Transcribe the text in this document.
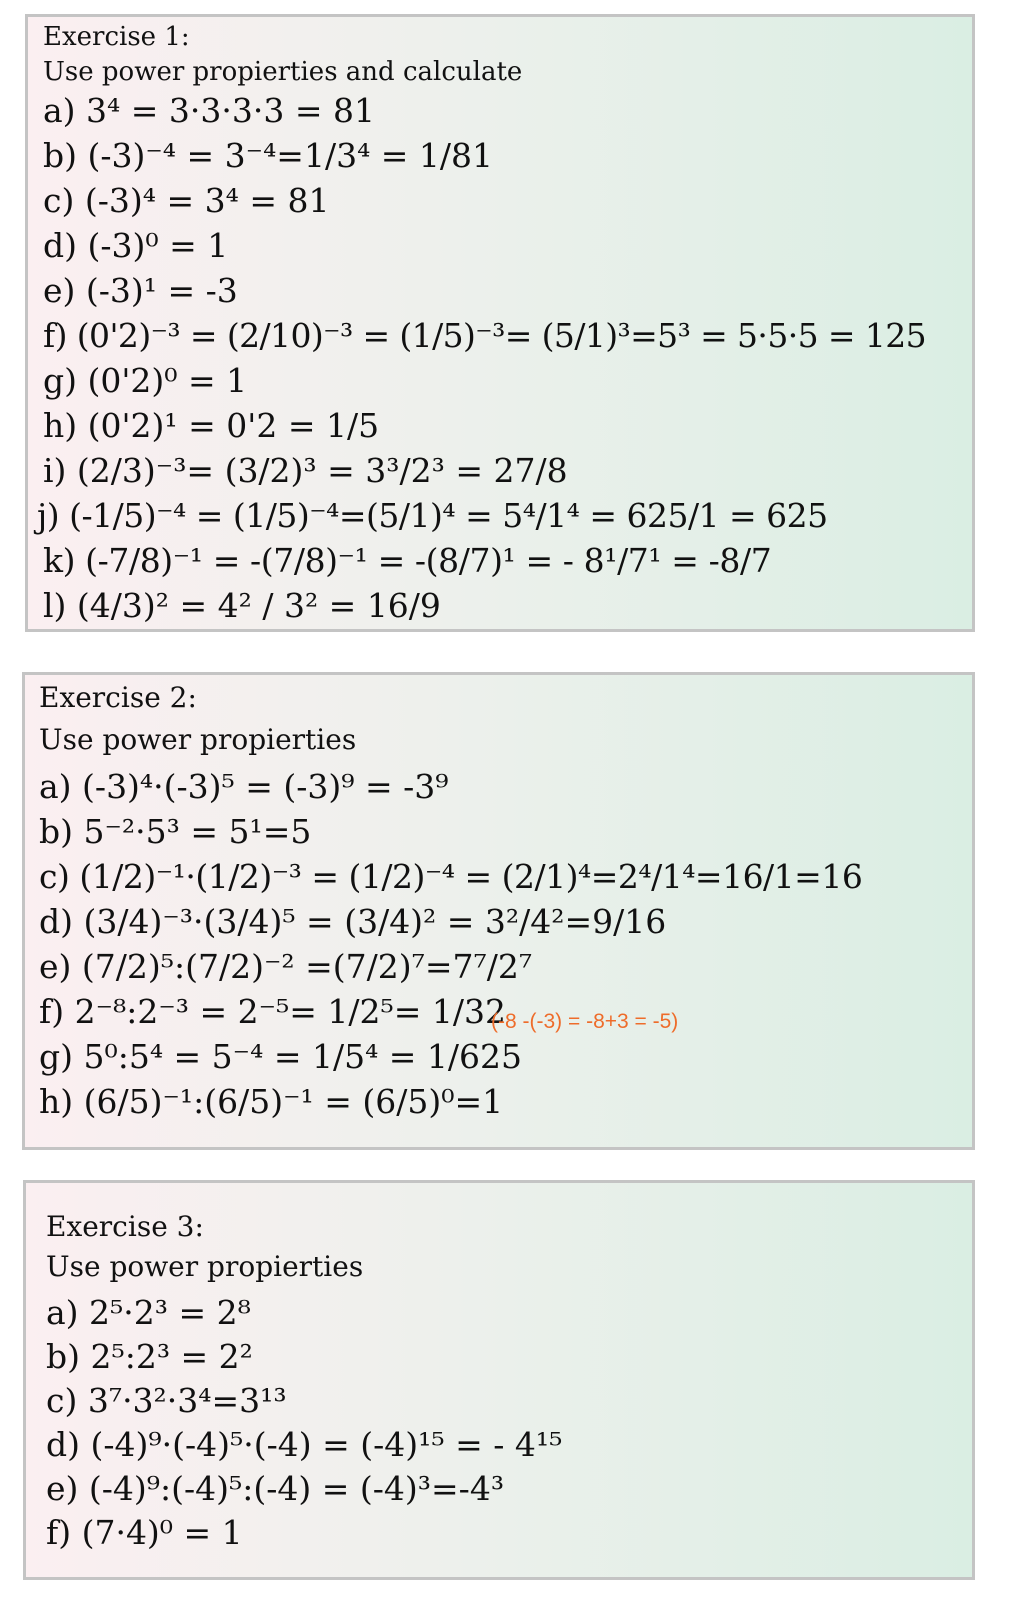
Exercise 1:
Use power propierties and calculate
a) 3⁴ = 3·3·3·3 = 81
b) (-3)⁻⁴ = 3⁻⁴=1/3⁴ = 1/81
c) (-3)⁴ = 3⁴ = 81
d) (-3)⁰ = 1
e) (-3)¹ = -3
f) (0'2)⁻³ = (2/10)⁻³ = (1/5)⁻³= (5/1)³=5³ = 5·5·5 = 125
g) (0'2)⁰ = 1
h) (0'2)¹ = 0'2 = 1/5
i) (2/3)⁻³= (3/2)³ = 3³/2³ = 27/8
j) (-1/5)⁻⁴ = (1/5)⁻⁴=(5/1)⁴ = 5⁴/1⁴ = 625/1 = 625
k) (-7/8)⁻¹ = -(7/8)⁻¹ = -(8/7)¹ = - 8¹/7¹ = -8/7
l) (4/3)² = 4² / 3² = 16/9
Exercise 2:
Use power propierties
a) (-3)⁴·(-3)⁵ = (-3)⁹ = -3⁹
b) 5⁻²·5³ = 5¹=5
c) (1/2)⁻¹·(1/2)⁻³ = (1/2)⁻⁴ = (2/1)⁴=2⁴/1⁴=16/1=16
d) (3/4)⁻³·(3/4)⁵ = (3/4)² = 3²/4²=9/16
e) (7/2)⁵:(7/2)⁻² =(7/2)⁷=7⁷/2⁷
f) 2⁻⁸:2⁻³ = 2⁻⁵= 1/2⁵= 1/32
(-8 -(-3) = -8+3 = -5)
g) 5⁰:5⁴ = 5⁻⁴ = 1/5⁴ = 1/625
h) (6/5)⁻¹:(6/5)⁻¹ = (6/5)⁰=1
Exercise 3:
Use power propierties
a) 2⁵·2³ = 2⁸
b) 2⁵:2³ = 2²
c) 3⁷·3²·3⁴=3¹³
d) (-4)⁹·(-4)⁵·(-4) = (-4)¹⁵ = - 4¹⁵
e) (-4)⁹:(-4)⁵:(-4) = (-4)³=-4³
f) (7·4)⁰ = 1
